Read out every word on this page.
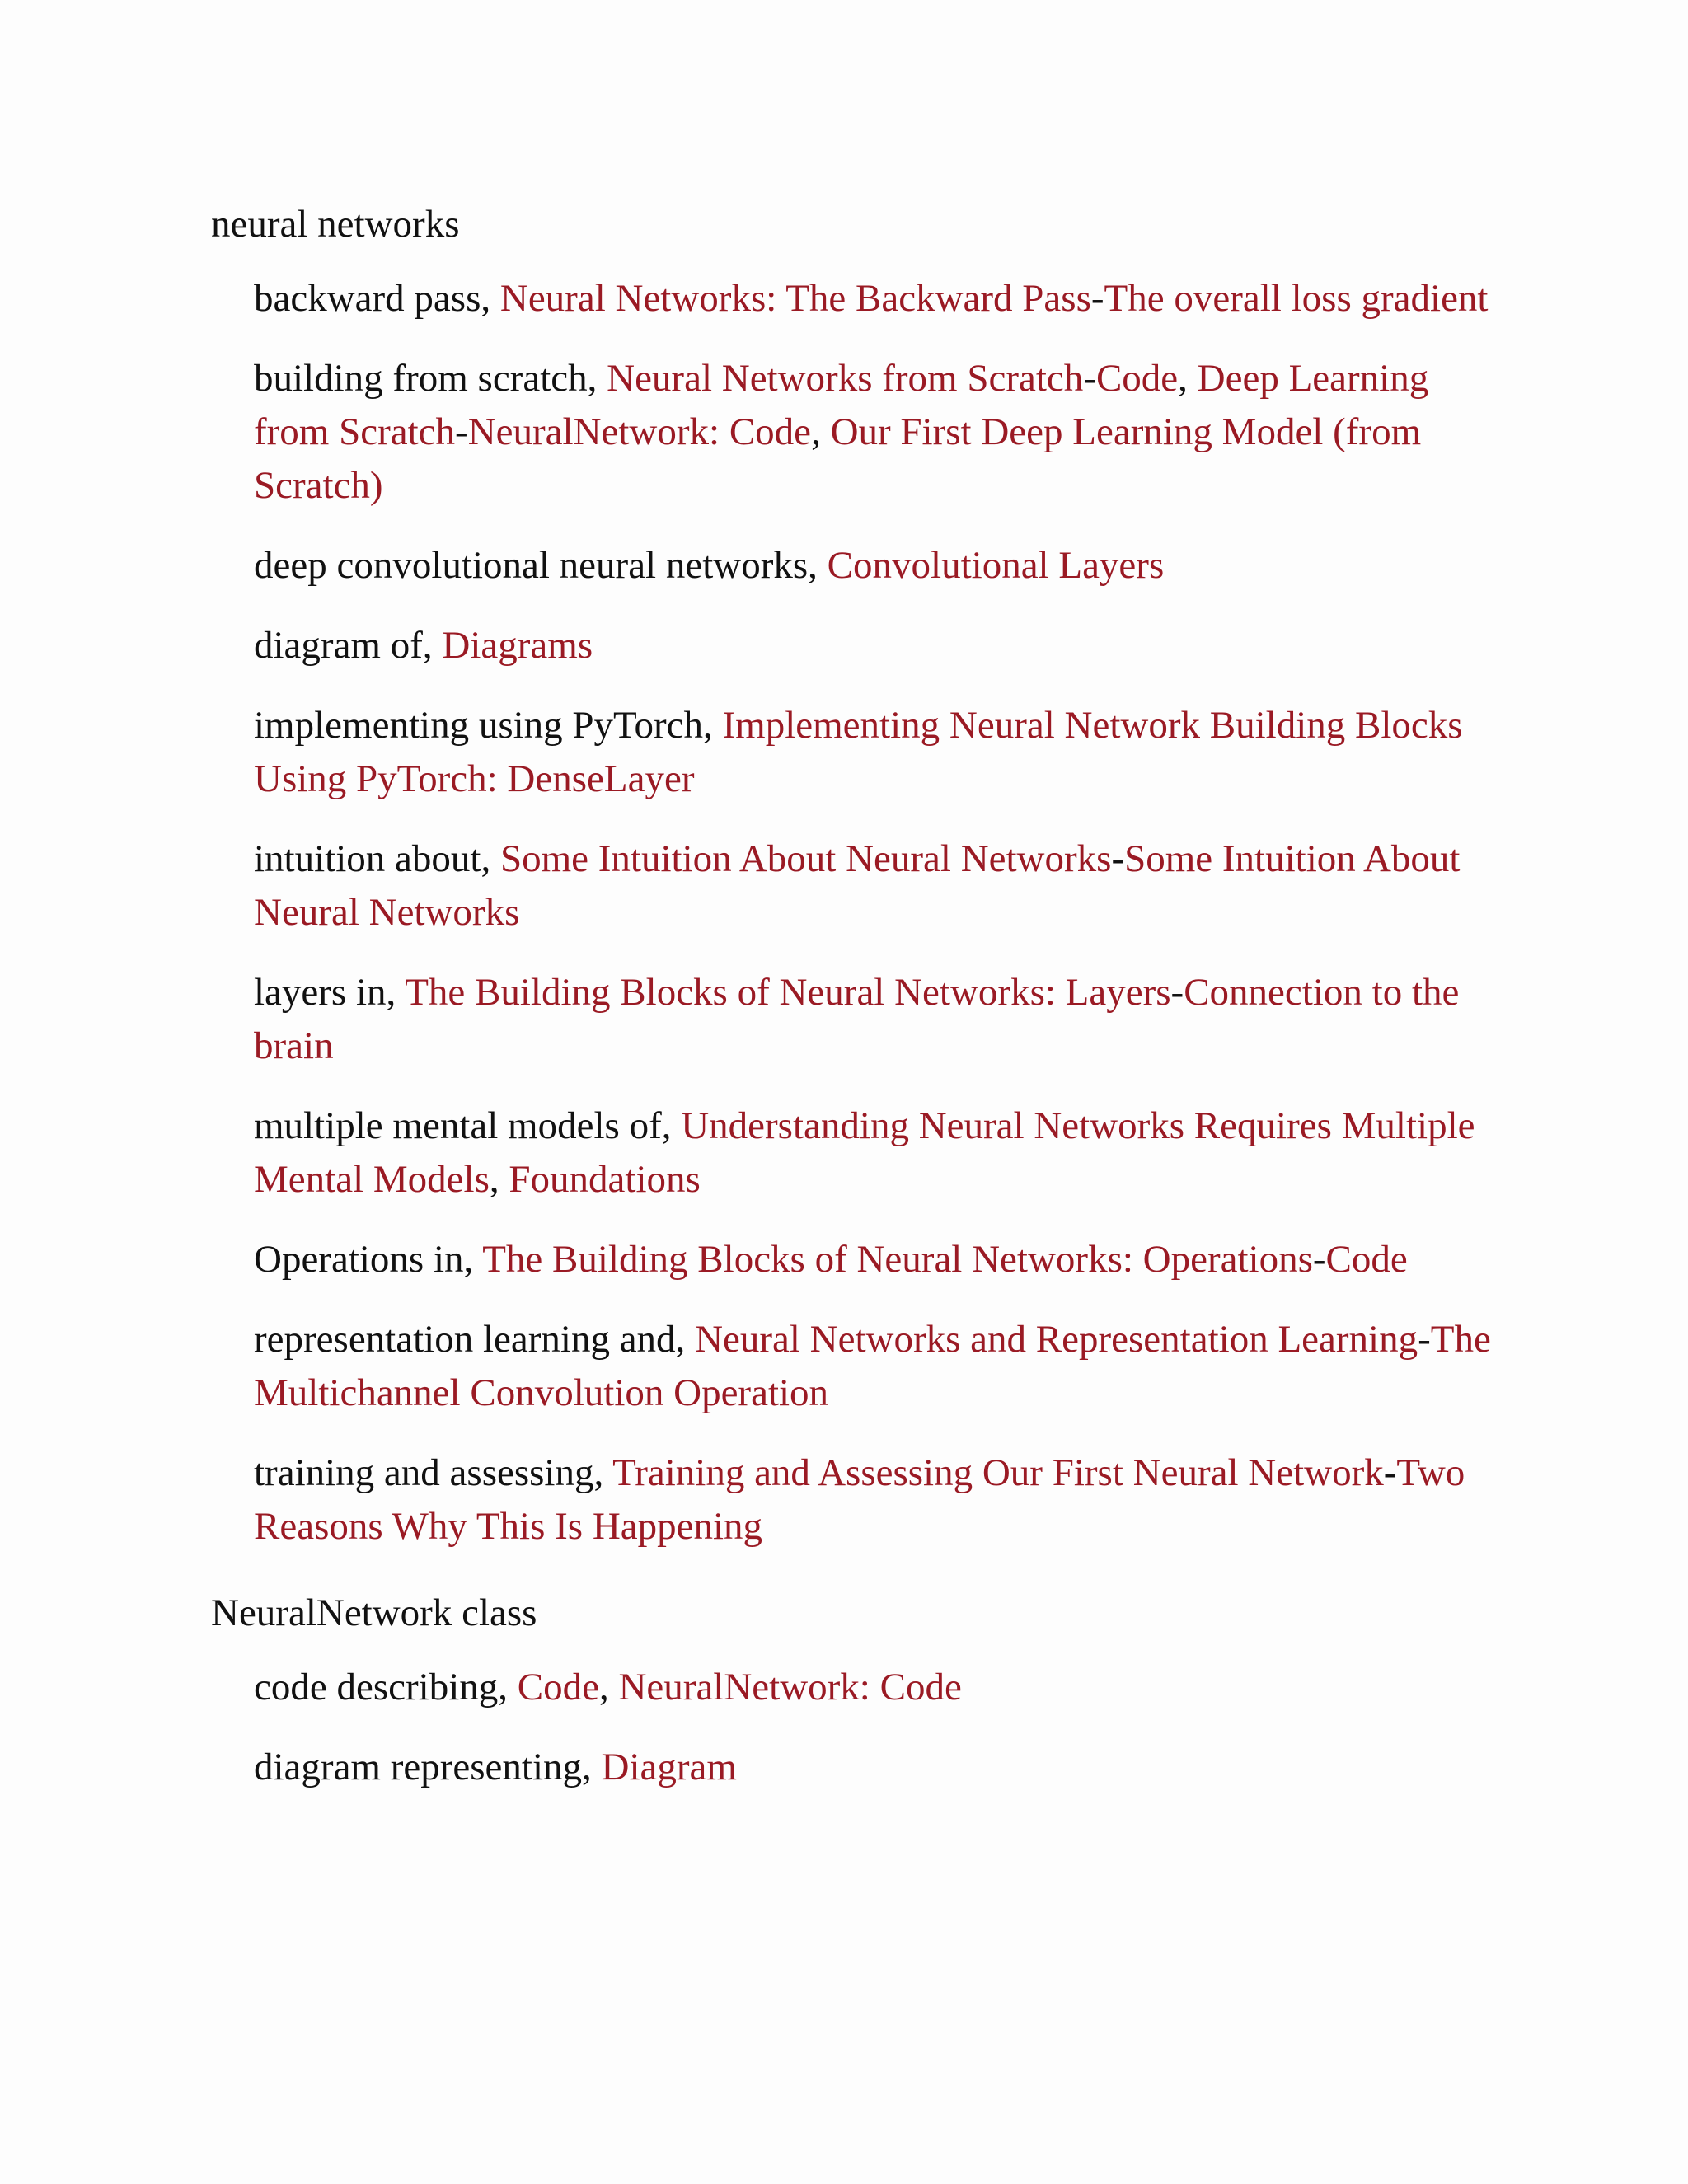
neural networks

backward pass, Neural Networks: The Backward Pass-The overall loss gradient

building from scratch, Neural Networks from Scratch-Code, Deep Learning from Scratch-NeuralNetwork: Code, Our First Deep Learning Model (from Scratch)

deep convolutional neural networks, Convolutional Layers

diagram of, Diagrams

implementing using PyTorch, Implementing Neural Network Building Blocks Using PyTorch: DenseLayer

intuition about, Some Intuition About Neural Networks-Some Intuition About Neural Networks

layers in, The Building Blocks of Neural Networks: Layers-Connection to the brain

multiple mental models of, Understanding Neural Networks Requires Multiple Mental Models, Foundations

Operations in, The Building Blocks of Neural Networks: Operations-Code

representation learning and, Neural Networks and Representation Learning-The Multichannel Convolution Operation

training and assessing, Training and Assessing Our First Neural Network-Two Reasons Why This Is Happening

NeuralNetwork class

code describing, Code, NeuralNetwork: Code

diagram representing, Diagram
